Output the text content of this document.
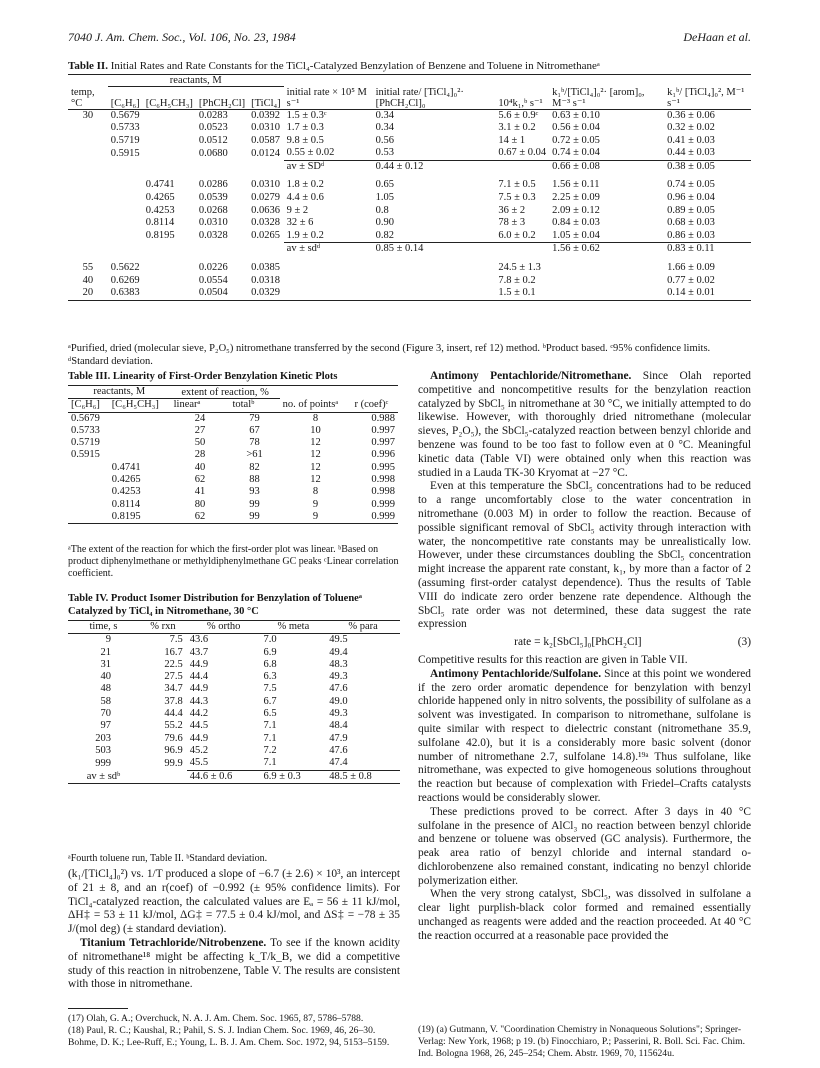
7040 J. Am. Chem. Soc., Vol. 106, No. 23, 1984	DeHaan et al.
Table II. Initial Rates and Rate Constants for the TiCl₄-Catalyzed Benzylation of Benzene and Toluene in Nitromethaneᵃ
	reactants, M								
temp, °C	[C₆H₆]	[C₆H₅CH₃]	[PhCH₂Cl]	[TiCl₄]	initial rate × 10⁵ M s⁻¹	initial rate/ [TiCl₄]₀²· [PhCH₂Cl]₀	10⁴k₁,ᵇ s⁻¹	k₁ᵇ/[TiCl₄]₀²· [arom]₀, M⁻³ s⁻¹	k₁ᵇ/ [TiCl₄]₀², M⁻¹ s⁻¹
30	0.5679		0.0283	0.0392	1.5 ± 0.3ᶜ	0.34	5.6 ± 0.9ᶜ	0.63 ± 0.10	0.36 ± 0.06
	0.5733		0.0523	0.0310	1.7 ± 0.3	0.34	3.1 ± 0.2	0.56 ± 0.04	0.32 ± 0.02
	0.5719		0.0512	0.0587	9.8 ± 0.5	0.56	14 ± 1	0.72 ± 0.05	0.41 ± 0.03
	0.5915		0.0680	0.0124	0.55 ± 0.02	0.53	0.67 ± 0.04	0.74 ± 0.04	0.44 ± 0.03
					av ± SDᵈ	0.44 ± 0.12		0.66 ± 0.08	0.38 ± 0.05

		0.4741	0.0286	0.0310	1.8 ± 0.2	0.65	7.1 ± 0.5	1.56 ± 0.11	0.74 ± 0.05
		0.4265	0.0539	0.0279	4.4 ± 0.6	1.05	7.5 ± 0.3	2.25 ± 0.09	0.96 ± 0.04
		0.4253	0.0268	0.0636	9 ± 2	0.8	36 ± 2	2.09 ± 0.12	0.89 ± 0.05
		0.8114	0.0310	0.0328	32 ± 6	0.90	78 ± 3	0.84 ± 0.03	0.68 ± 0.03
		0.8195	0.0328	0.0265	1.9 ± 0.2	0.82	6.0 ± 0.2	1.05 ± 0.04	0.86 ± 0.03
					av ± sdᵈ	0.85 ± 0.14		1.56 ± 0.62	0.83 ± 0.11

55	0.5622		0.0226	0.0385			24.5 ± 1.3		1.66 ± 0.09
40	0.6269		0.0554	0.0318			7.8 ± 0.2		0.77 ± 0.02
20	0.6383		0.0504	0.0329			1.5 ± 0.1		0.14 ± 0.01
ᵃPurified, dried (molecular sieve, P₂O₅) nitromethane transferred by the second (Figure 3, insert, ref 12) method. ᵇProduct based. ᶜ95% confidence limits. ᵈStandard deviation.
Table III. Linearity of First-Order Benzylation Kinetic Plots
reactants, M		extent of reaction, %			
[C₆H₆]	[C₆H₅CH₃]	linearᵃ	totalᵇ	no. of pointsᵃ	r (coef)ᶜ
0.5679		24	79	8	0.988
0.5733		27	67	10	0.997
0.5719		50	78	12	0.997
0.5915		28	>61	12	0.996
	0.4741	40	82	12	0.995
	0.4265	62	88	12	0.998
	0.4253	41	93	8	0.998
	0.8114	80	99	9	0.999
	0.8195	62	99	9	0.999
ᵃThe extent of the reaction for which the first-order plot was linear. ᵇBased on product diphenylmethane or methyldiphenylmethane GC peaks ᶜLinear correlation coefficient.
Table IV. Product Isomer Distribution for Benzylation of Tolueneᵃ Catalyzed by TiCl₄ in Nitromethane, 30 °C
time, s	% rxn	% ortho	% meta	% para
9	7.5	43.6	7.0	49.5
21	16.7	43.7	6.9	49.4
31	22.5	44.9	6.8	48.3
40	27.5	44.4	6.3	49.3
48	34.7	44.9	7.5	47.6
58	37.8	44.3	6.7	49.0
70	44.4	44.2	6.5	49.3
97	55.2	44.5	7.1	48.4
203	79.6	44.9	7.1	47.9
503	96.9	45.2	7.2	47.6
999	99.9	45.5	7.1	47.4
av ± sdᵇ		44.6 ± 0.6	6.9 ± 0.3	48.5 ± 0.8
ᵃFourth toluene run, Table II. ᵇStandard deviation.

(k₁/[TiCl₄]₀²) vs. 1/T produced a slope of −6.7 (± 2.6) × 10³, an intercept of 21 ± 8, and an r(coef) of −0.992 (± 95% confidence limits). For TiCl₄-catalyzed reaction, the calculated values are Eₐ = 56 ± 11 kJ/mol, ΔH‡ = 53 ± 11 kJ/mol, ΔG‡ = 77.5 ± 0.4 kJ/mol, and ΔS‡ = −78 ± 35 J/(mol deg) (± standard deviation).

Titanium Tetrachloride/Nitrobenzene. To see if the known acidity of nitromethane¹⁸ might be affecting k_T/k_B, we did a competitive study of this reaction in nitrobenzene, Table V. The results are consistent with those in nitromethane.

Antimony Pentachloride/Nitromethane. Since Olah reported competitive and noncompetitive results for the benzylation reaction catalyzed by SbCl₅ in nitromethane at 30 °C, we initially attempted to do likewise. However, with thoroughly dried nitromethane (molecular sieves, P₂O₅), the SbCl₅-catalyzed reaction between benzyl chloride and benzene was found to be too fast to follow even at 0 °C. Meaningful kinetic data (Table VI) were obtained only when this reaction was studied in a Lauda TK-30 Kryomat at −27 °C.

Even at this temperature the SbCl₅ concentrations had to be reduced to a range uncomfortably close to the water concentration in nitromethane (0.003 M) in order to follow the reaction. Because of possible significant removal of SbCl₅ activity through interaction with water, the noncompetitive rate constants may be unrealistically low. However, under these circumstances doubling the SbCl₅ concentration might increase the apparent rate constant, k₁, by more than a factor of 2 (assuming first-order catalyst dependence). Thus the results of Table VIII do indicate zero order benzene rate dependence. Although the SbCl₅ rate order was not determined, these data suggest the rate expression

rate = k₂[SbCl₅]₀[PhCH₂Cl]	(3)

Competitive results for this reaction are given in Table VII.

Antimony Pentachloride/Sulfolane. Since at this point we wondered if the zero order aromatic dependence for benzylation with benzyl chloride happened only in nitro solvents, the possibility of sulfolane as a solvent was investigated. In comparison to nitromethane, sulfolane is quite similar with respect to dielectric constant (nitromethane 35.9, sulfolane 42.0), but it is a considerably more basic solvent (donor number of nitromethane 2.7, sulfolane 14.8).¹⁹ᵃ Thus sulfolane, like nitromethane, was expected to give homogeneous solutions throughout the reaction but because of complexation with Friedel–Crafts catalysts reactions would be considerably slower.

These predictions proved to be correct. After 3 days in 40 °C sulfolane in the presence of AlCl₃ no reaction between benzyl chloride and benzene or toluene was observed (GC analysis). Furthermore, the peak area ratio of benzyl chloride and internal standard o-dichlorobenzene also remained constant, indicating no benzyl chloride polymerization either.

When the very strong catalyst, SbCl₅, was dissolved in sulfolane a clear light purplish-black color formed and remained essentially unchanged as reagents were added and the reaction proceeded. At 40 °C the reaction occurred at a reasonable pace provided the

(17) Olah, G. A.; Overchuck, N. A. J. Am. Chem. Soc. 1965, 87, 5786–5788.
(18) Paul, R. C.; Kaushal, R.; Pahil, S. S. J. Indian Chem. Soc. 1969, 46, 26–30. Bohme, D. K.; Lee-Ruff, E.; Young, L. B. J. Am. Chem. Soc. 1972, 94, 5153–5159.
(19) (a) Gutmann, V. "Coordination Chemistry in Nonaqueous Solutions"; Springer-Verlag: New York, 1968; p 19. (b) Finocchiaro, P.; Passerini, R. Boll. Sci. Fac. Chim. Ind. Bologna 1968, 26, 245–254; Chem. Abstr. 1969, 70, 115624u.
